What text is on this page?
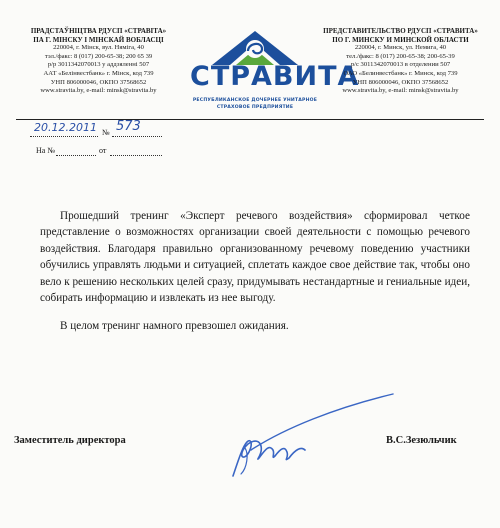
ПРАДСТАЎНІЦТВА РДУСП «СТРАВІТА»
ПА Г. МІНСКУ І МІНСКАЙ ВОБЛАСЦІ
220004, г. Мінск, вул. Нямiга, 40
тэл./факс: 8 (017) 200-65-38; 200 65 39
р/р 3011342070013 у аддзяленні 507
ААТ «Белінвестбанк» г. Мінск, код 739
УНП 806000046, ОКПО 37568652
www.stravita.by, e-mail: minsk@stravita.by	СТРАВИТА
РЕСПУБЛИКАНСКОЕ ДОЧЕРНЕЕ УНИТАРНОЕ
СТРАХОВОЕ ПРЕДПРИЯТИЕ
ПРЕДСТАВИТЕЛЬСТВО РДУСП «СТРАВИТА»
ПО Г. МИНСКУ И МИНСКОЙ ОБЛАСТИ
220004, г. Минск, ул. Немига, 40
тел./факс: 8 (017) 200-65-38; 200-65-39
р/с 3011342070013 в отделении 507
ОАО «Белинвестбанк» г. Минск, код 739
УНП 806000046, ОКПО 37568652
www.stravita.by, e-mail: minsk@stravita.by
20.12.2011 № 573
На №	от

Прошедший тренинг «Эксперт речевого воздействия» сформировал четкое представление о возможностях организации своей деятельности с помощью речевого воздействия. Благодаря правильно организованному речевому поведению участники обучились управлять людьми и ситуацией, сплетать каждое свое действие так, чтобы оно вело к решению нескольких целей сразу, придумывать нестандартные и гениальные идеи, собирать информацию и извлекать из нее выгоду.

В целом тренинг намного превзошел ожидания.

Заместитель директора	В.С.Зезюльчик
